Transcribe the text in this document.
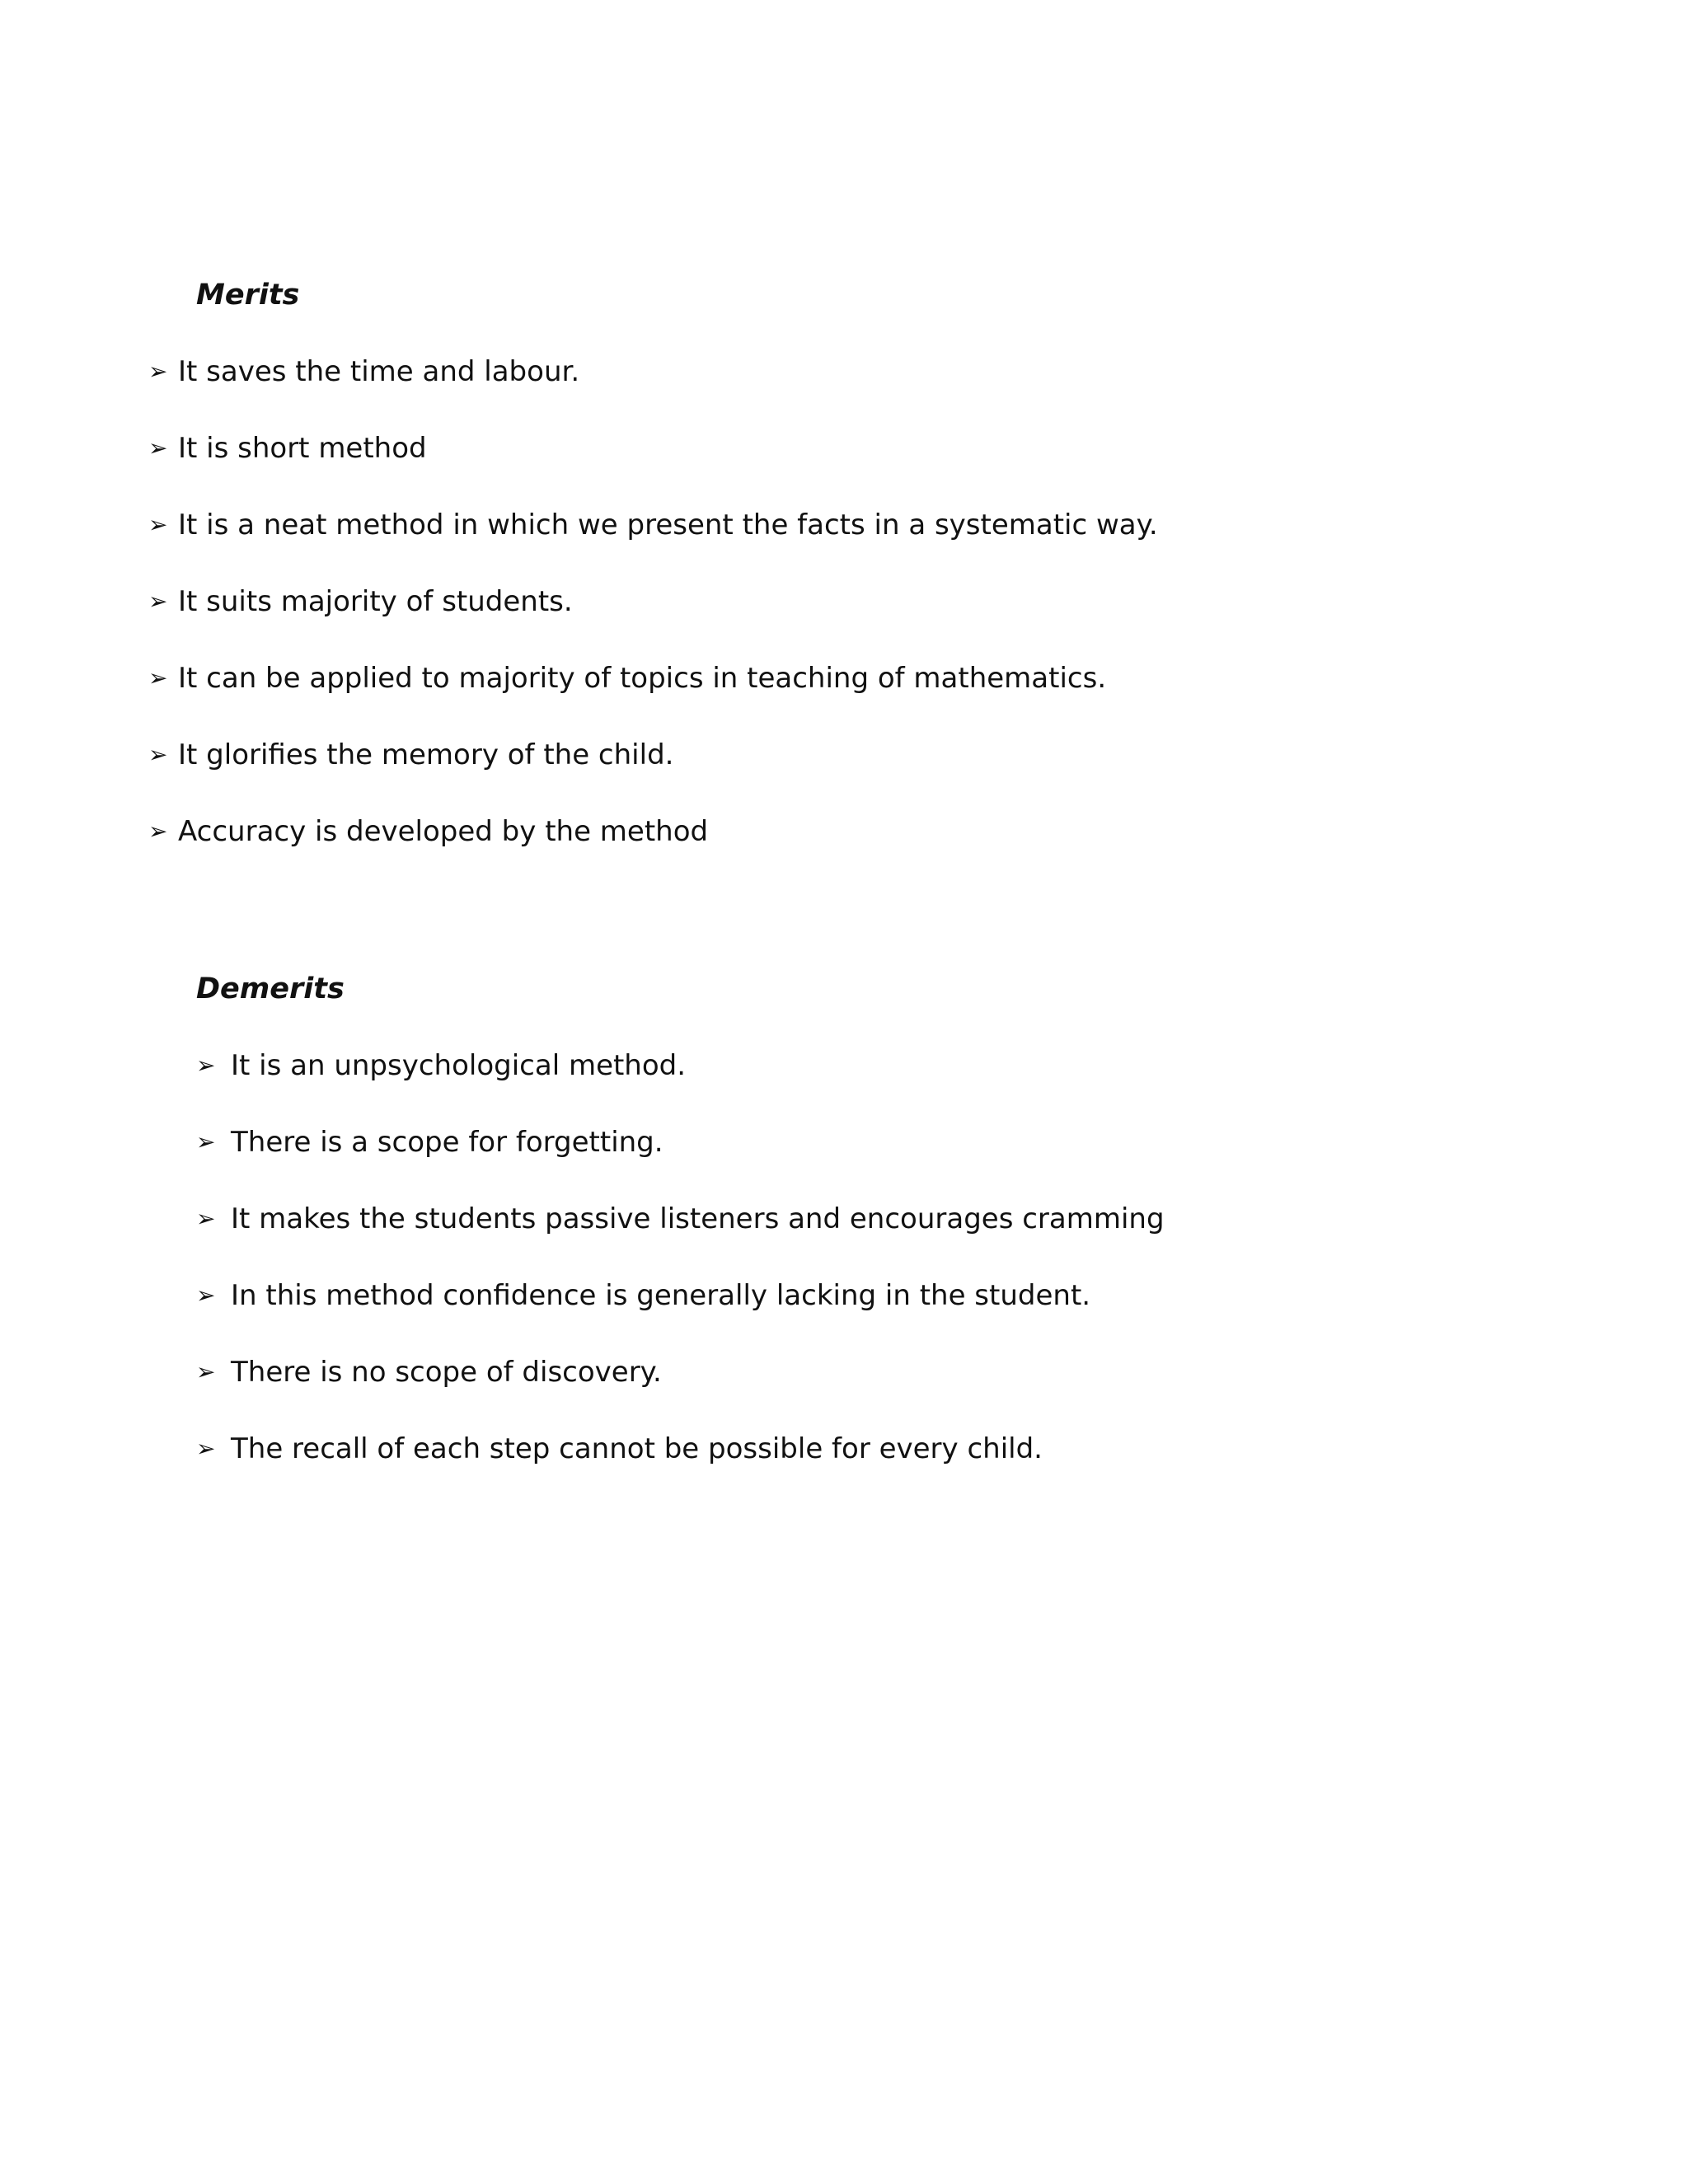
Merits
➢ It saves the time and labour.
➢ It is short method
➢ It is a neat method in which we present the facts in a systematic way.
➢ It suits majority of students.
➢ It can be applied to majority of topics in teaching of mathematics.
➢ It glorifies the memory of the child.
➢ Accuracy is developed by the method
Demerits
➢ It is an unpsychological method.
➢ There is a scope for forgetting.
➢ It makes the students passive listeners and encourages cramming
➢ In this method confidence is generally lacking in the student.
➢ There is no scope of discovery.
➢ The recall of each step cannot be possible for every child.
